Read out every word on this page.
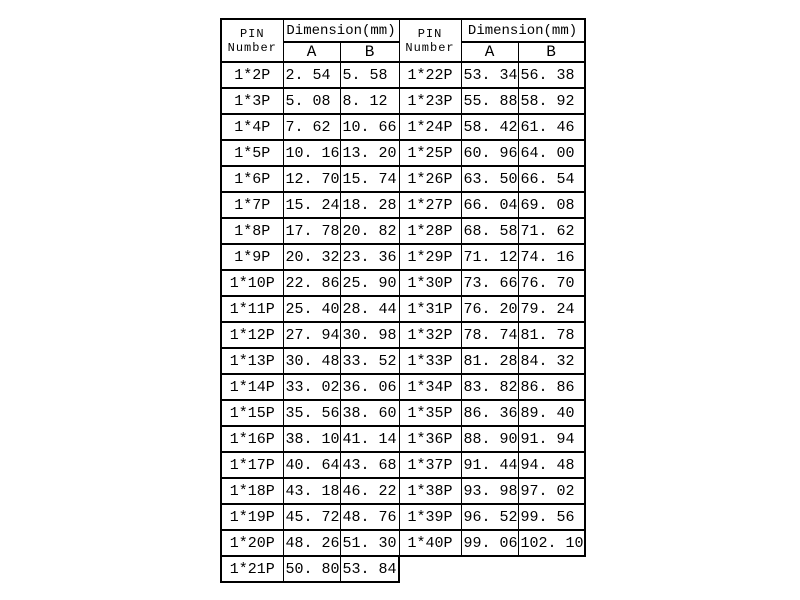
PIN
Number
	Dimension(mm)	PIN
Number
	Dimension(mm)
	A	B		A	B
1*2P	2. 54	5. 58	1*22P	53. 34	56. 38
1*3P	5. 08	8. 12	1*23P	55. 88	58. 92
1*4P	7. 62	10. 66	1*24P	58. 42	61. 46
1*5P	10. 16	13. 20	1*25P	60. 96	64. 00
1*6P	12. 70	15. 74	1*26P	63. 50	66. 54
1*7P	15. 24	18. 28	1*27P	66. 04	69. 08
1*8P	17. 78	20. 82	1*28P	68. 58	71. 62
1*9P	20. 32	23. 36	1*29P	71. 12	74. 16
1*10P	22. 86	25. 90	1*30P	73. 66	76. 70
1*11P	25. 40	28. 44	1*31P	76. 20	79. 24
1*12P	27. 94	30. 98	1*32P	78. 74	81. 78
1*13P	30. 48	33. 52	1*33P	81. 28	84. 32
1*14P	33. 02	36. 06	1*34P	83. 82	86. 86
1*15P	35. 56	38. 60	1*35P	86. 36	89. 40
1*16P	38. 10	41. 14	1*36P	88. 90	91. 94
1*17P	40. 64	43. 68	1*37P	91. 44	94. 48
1*18P	43. 18	46. 22	1*38P	93. 98	97. 02
1*19P	45. 72	48. 76	1*39P	96. 52	99. 56
1*20P	48. 26	51. 30	1*40P	99. 06	102. 10
1*21P	50. 80	53. 84			
